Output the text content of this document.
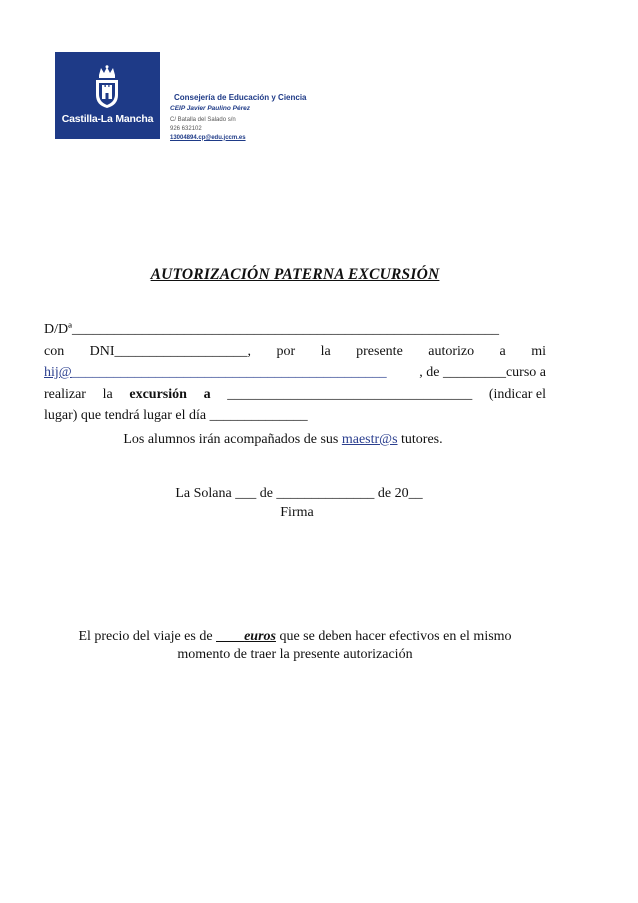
Castilla-La Mancha
Consejería de Educación y Ciencia
CEIP Javier Paulino Pérez
C/ Batalla del Salado s/n
926 632102
13004894.cp@edu.jccm.es
AUTORIZACIÓN PATERNA EXCURSIÓN
D/Dª_____________________________________________________________
con DNI___________________, por la presente autorizo a mi
hij@_____________________________________________ , de _________curso a
realizar la excursión a ___________________________________ (indicar el
lugar) que tendrá lugar el día ______________
Los alumnos irán acompañados de sus maestr@s tutores.
La Solana ___ de ______________ de 20__
Firma
El precio del viaje es de ____euros que se deben hacer efectivos en el mismo
momento de traer la presente autorización
